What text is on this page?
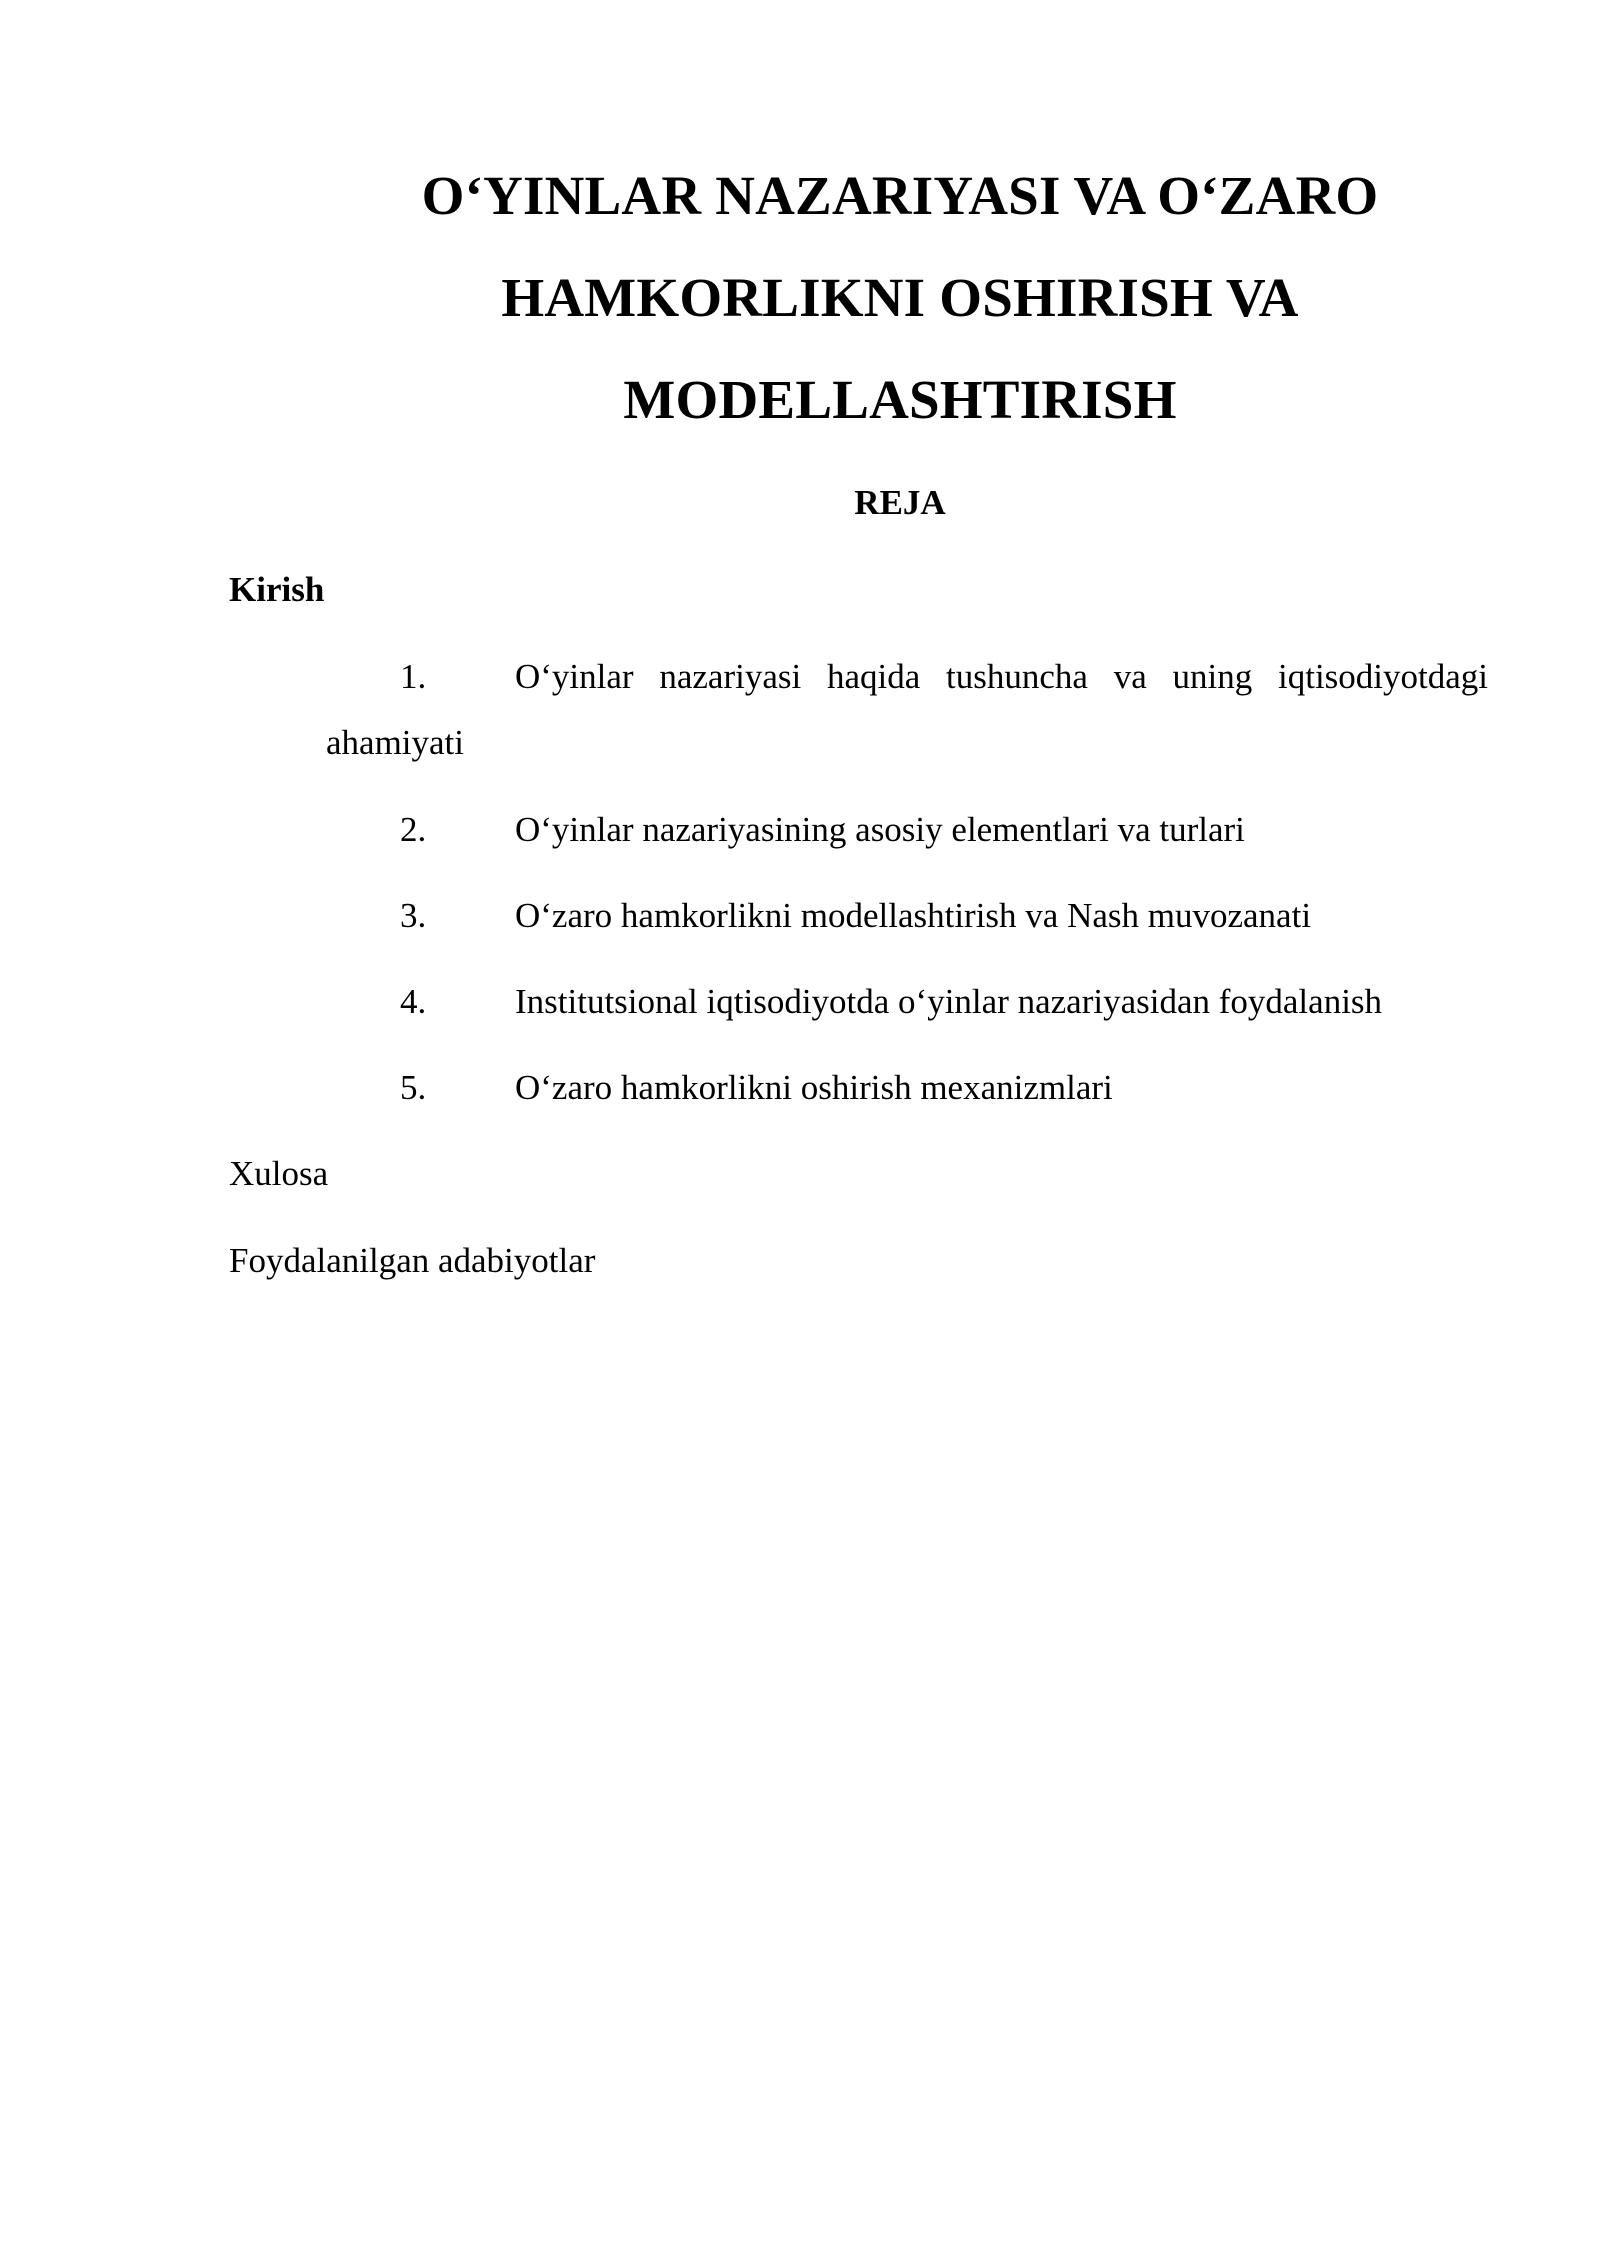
O‘YINLAR NAZARIYASI VA O‘ZARO
HAMKORLIKNI OSHIRISH VA
MODELLASHTIRISH
REJA
Kirish
1.	O‘yinlar nazariyasi haqida tushuncha va uning iqtisodiyotdagi
ahamiyati
2.	O‘yinlar nazariyasining asosiy elementlari va turlari
3.	O‘zaro hamkorlikni modellashtirish va Nash muvozanati
4.	Institutsional iqtisodiyotda o‘yinlar nazariyasidan foydalanish
5.	O‘zaro hamkorlikni oshirish mexanizmlari
Xulosa
Foydalanilgan adabiyotlar
